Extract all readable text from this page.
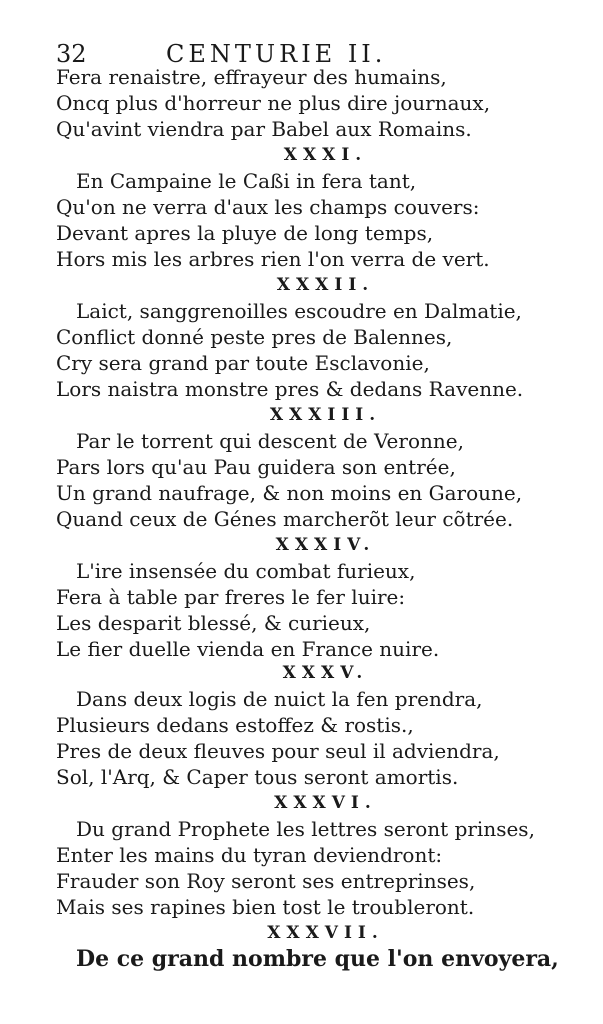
32	CENTURIE II.
Fera renaistre, effrayeur des humains,
Oncq plus d'horreur ne plus dire journaux,
Qu'avint viendra par Babel aux Romains.
XXXI.
En Campaine le Caßi in fera tant,
Qu'on ne verra d'aux les champs couvers:
Devant apres la pluye de long temps,
Hors mis les arbres rien l'on verra de vert.
XXXII.
Laict, sanggrenoilles escoudre en Dalmatie,
Conflict donné peste pres de Balennes,
Cry sera grand par toute Esclavonie,
Lors naistra monstre pres & dedans Ravenne.
XXXIII.
Par le torrent qui descent de Veronne,
Pars lors qu'au Pau guidera son entrée,
Un grand naufrage, & non moins en Garoune,
Quand ceux de Génes marcherõt leur cõtrée.
XXXIV.
L'ire insensée du combat furieux,
Fera à table par freres le fer luire:
Les desparit blessé, & curieux,
Le fier duelle vienda en France nuire.
XXXV.
Dans deux logis de nuict la fen prendra,
Plusieurs dedans estoffez & rostis.,
Pres de deux fleuves pour seul il adviendra,
Sol, l'Arq, & Caper tous seront amortis.
XXXVI.
Du grand Prophete les lettres seront prinses,
Enter les mains du tyran deviendront:
Frauder son Roy seront ses entreprinses,
Mais ses rapines bien tost le troubleront.
XXXVII.
De ce grand nombre que l'on envoyera,
